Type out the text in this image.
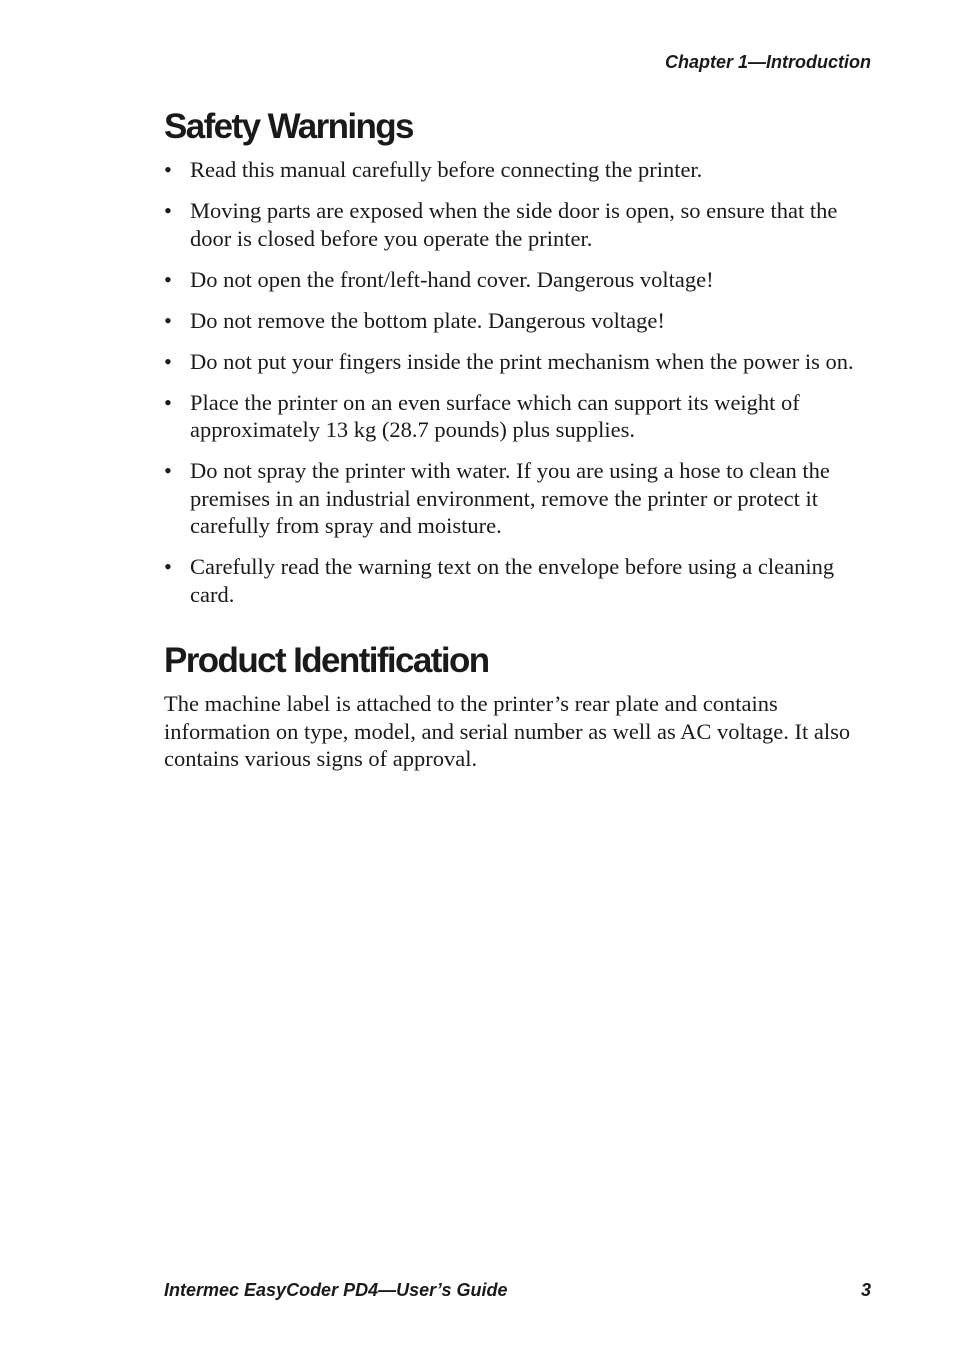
Chapter 1—Introduction
Safety Warnings
• Read this manual carefully before connecting the printer.
• Moving parts are exposed when the side door is open, so ensure that the door is closed before you operate the printer.
• Do not open the front/left-hand cover. Dangerous voltage!
• Do not remove the bottom plate. Dangerous voltage!
• Do not put your fingers inside the print mechanism when the power is on.
• Place the printer on an even surface which can support its weight of approximately 13 kg (28.7 pounds) plus supplies.
• Do not spray the printer with water. If you are using a hose to clean the premises in an industrial environment, remove the printer or protect it carefully from spray and moisture.
• Carefully read the warning text on the envelope before using a cleaning card.
Product Identification

The machine label is attached to the printer’s rear plate and contains information on type, model, and serial number as well as AC voltage. It also contains various signs of approval.

Intermec EasyCoder PD4—User’s Guide	3
